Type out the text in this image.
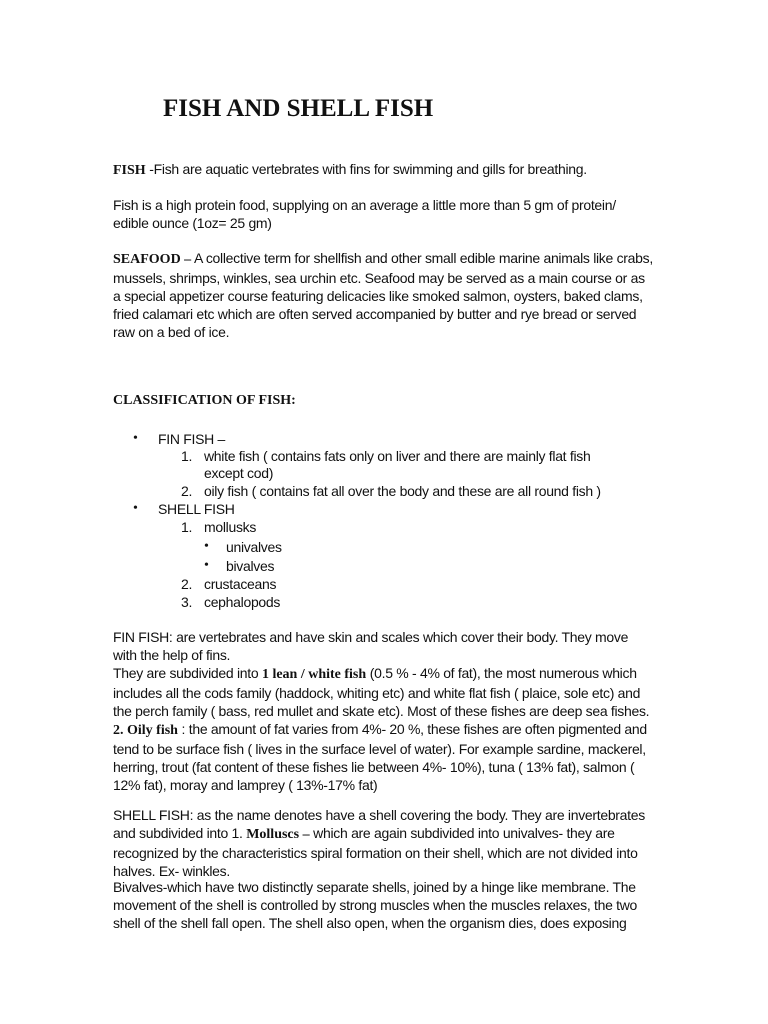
FISH AND SHELL FISH

FISH -Fish are aquatic vertebrates with fins for swimming and gills for breathing.

Fish is a high protein food, supplying on an average a little more than 5 gm of protein/ edible ounce (1oz= 25 gm)

SEAFOOD – A collective term for shellfish and other small edible marine animals like crabs, mussels, shrimps, winkles, sea urchin etc. Seafood may be served as a main course or as a special appetizer course featuring delicacies like smoked salmon, oysters, baked clams, fried calamari etc which are often served accompanied by butter and rye bread or served raw on a bed of ice.

CLASSIFICATION OF FISH:

• FIN FISH –

1. white fish ( contains fats only on liver and there are mainly flat fish

except cod)

2. oily fish ( contains fat all over the body and these are all round fish )

• SHELL FISH

1. mollusks

• univalves

• bivalves

2. crustaceans

3. cephalopods

FIN FISH: are vertebrates and have skin and scales which cover their body. They move with the help of fins.

They are subdivided into 1 lean / white fish (0.5 % - 4% of fat), the most numerous which includes all the cods family (haddock, whiting etc) and white flat fish ( plaice, sole etc) and the perch family ( bass, red mullet and skate etc). Most of these fishes are deep sea fishes. 2. Oily fish : the amount of fat varies from 4%- 20 %, these fishes are often pigmented and tend to be surface fish ( lives in the surface level of water). For example sardine, mackerel, herring, trout (fat content of these fishes lie between 4%- 10%), tuna ( 13% fat), salmon ( 12% fat), moray and lamprey ( 13%-17% fat)

SHELL FISH: as the name denotes have a shell covering the body. They are invertebrates and subdivided into 1. Molluscs – which are again subdivided into univalves- they are recognized by the characteristics spiral formation on their shell, which are not divided into halves. Ex- winkles.

Bivalves-which have two distinctly separate shells, joined by a hinge like membrane. The movement of the shell is controlled by strong muscles when the muscles relaxes, the two shell of the shell fall open. The shell also open, when the organism dies, does exposing
